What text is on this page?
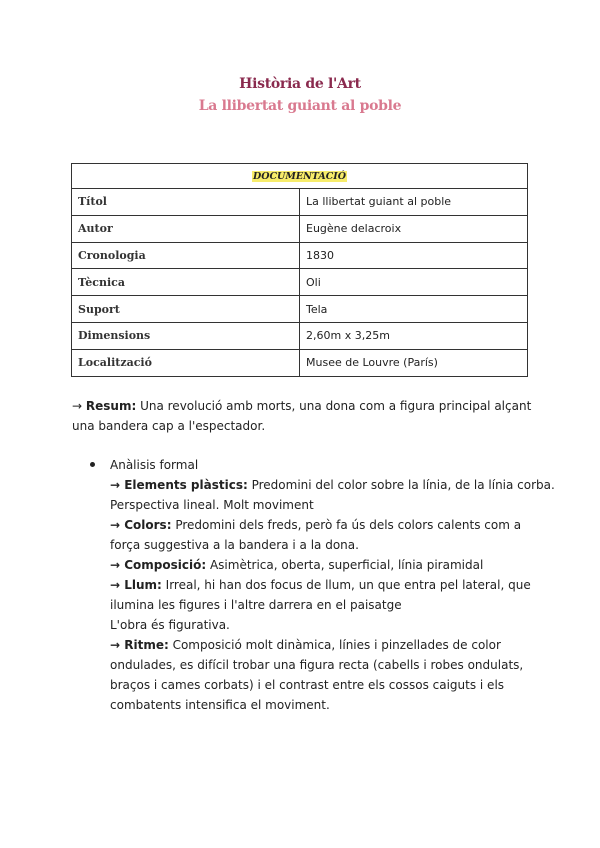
Història de l'Art
La llibertat guiant al poble
DOCUMENTACIÓ	
Títol	La llibertat guiant al poble
Autor	Eugène delacroix
Cronologia	1830
Tècnica	Oli
Suport	Tela
Dimensions	2,60m x 3,25m
Localització	Musee de Louvre (París)
→ Resum: Una revolució amb morts, una dona com a figura principal alçant
una bandera cap a l'espectador.
Anàlisis formal
→ Elements plàstics: Predomini del color sobre la línia, de la línia corba.
Perspectiva lineal. Molt moviment
→ Colors: Predomini dels freds, però fa ús dels colors calents com a
força suggestiva a la bandera i a la dona.
→ Composició: Asimètrica, oberta, superficial, línia piramidal
→ Llum: Irreal, hi han dos focus de llum, un que entra pel lateral, que
ilumina les figures i l'altre darrera en el paisatge
L'obra és figurativa.
→ Ritme: Composició molt dinàmica, línies i pinzellades de color
ondulades, es difícil trobar una figura recta (cabells i robes ondulats,
braços i cames corbats) i el contrast entre els cossos caiguts i els
combatents intensifica el moviment.
